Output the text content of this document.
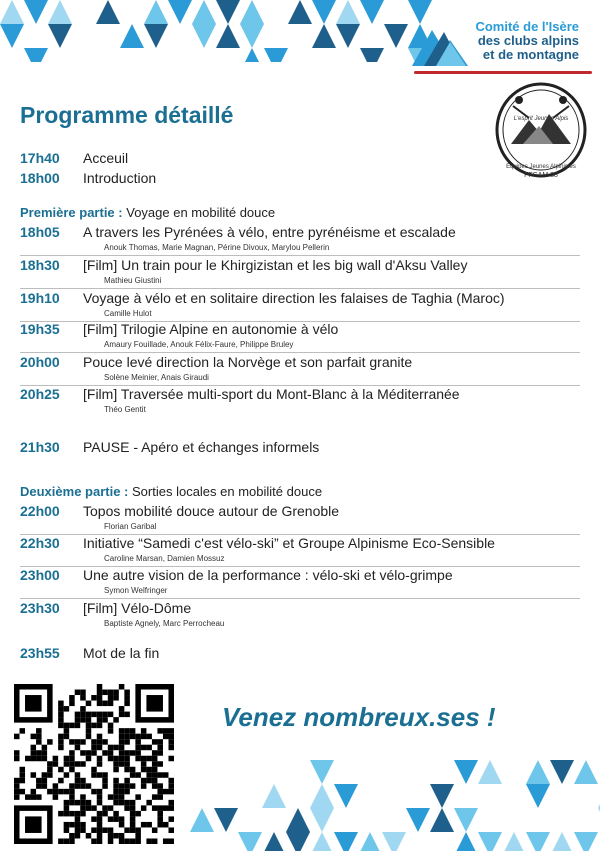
Comité de l'Isère
des clubs alpins
et de montagne
Programme détaillé	L'esprit Jeunes Alpis
Equipes Jeunes Alpinistes
FFCAM 38
17h40 Acceuil
18h00 Introduction
Première partie : Voyage en mobilité douce
18h05 A travers les Pyrénées à vélo, entre pyrénéisme et escalade
Anouk Thomas, Marie Magnan, Périne Divoux, Marylou Pellerin
18h30 [Film] Un train pour le Khirgizistan et les big wall d'Aksu Valley
Mathieu Giustini
19h10 Voyage à vélo et en solitaire direction les falaises de Taghia (Maroc)
Camille Hulot
19h35 [Film] Trilogie Alpine en autonomie à vélo
Amaury Fouillade, Anouk Félix-Faure, Philippe Bruley
20h00 Pouce levé direction la Norvège et son parfait granite
Solène Meinier, Anais Giraudi
20h25 [Film] Traversée multi-sport du Mont-Blanc à la Méditerranée
Théo Gentit
21h30 PAUSE - Apéro et échanges informels
Deuxième partie : Sorties locales en mobilité douce
22h00 Topos mobilité douce autour de Grenoble
Florian Garibal
22h30 Initiative “Samedi c'est vélo-ski” et Groupe Alpinisme Eco-Sensible
Caroline Marsan, Damien Mossuz
23h00 Une autre vision de la performance : vélo-ski et vélo-grimpe
Symon Welfringer
23h30 [Film] Vélo-Dôme
Baptiste Agnely, Marc Perrocheau
23h55 Mot de la fin
Venez nombreux.ses !
